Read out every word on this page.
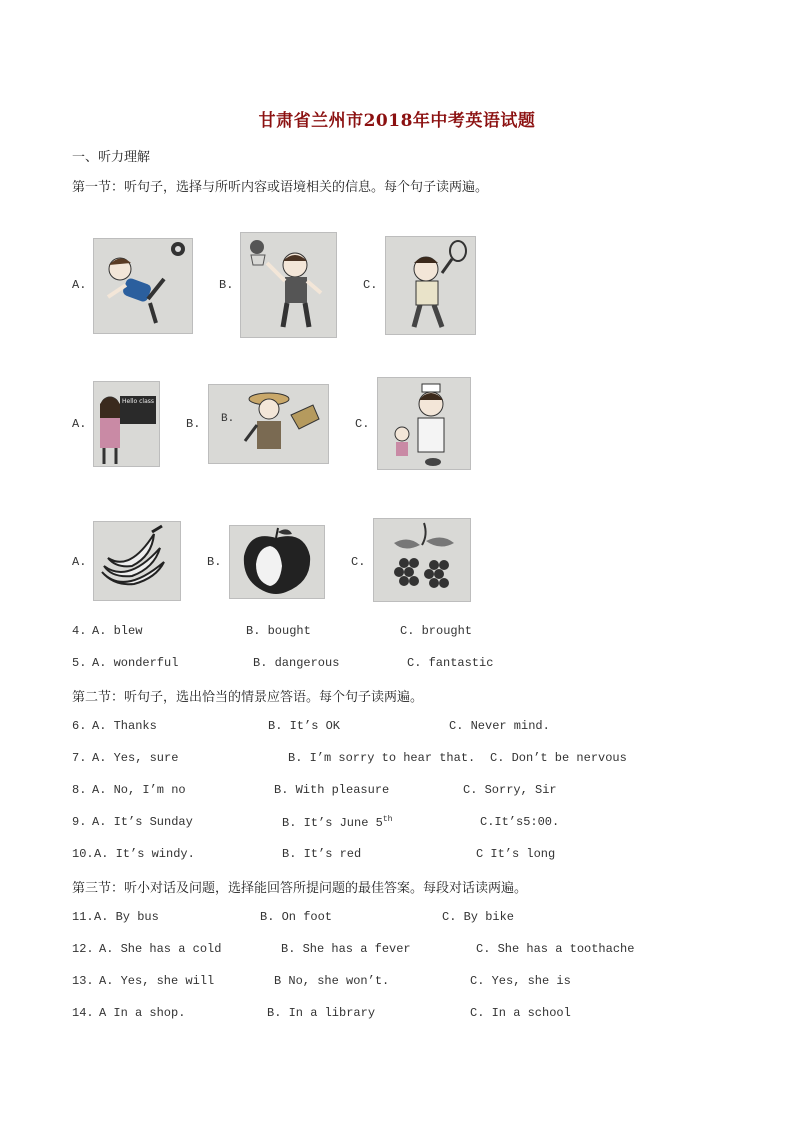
甘肃省兰州市2018年中考英语试题
一、听力理解
第一节：听句子，选择与所听内容或语境相关的信息。每个句子读两遍。
A.	B.	C.
A.
Hello class
B. B.	C.
A.	B.	C.
4. A. blew	B. bought	C. brought
5. A. wonderful	B. dangerous	C. fantastic
第二节：听句子，选出恰当的情景应答语。每个句子读两遍。
6. A. Thanks	B. It’s OK	C. Never mind.
7. A. Yes, sure	B. I’m sorry to hear that. C. Don’t be nervous
8. A. No, I’m no	B. With pleasure	C. Sorry, Sir
9. A. It’s Sunday	B. It’s June 5th	C.It’s5:00.
10. A. It’s windy.	B. It’s red	C It’s long
第三节：听小对话及问题，选择能回答所提问题的最佳答案。每段对话读两遍。
11. A. By bus	B. On foot	C. By bike
12. A. She has a cold	B. She has a fever	C. She has a toothache
13. A. Yes, she will	B No, she won’t.	C. Yes, she is
14. A In a shop.	B. In a library	C. In a school
